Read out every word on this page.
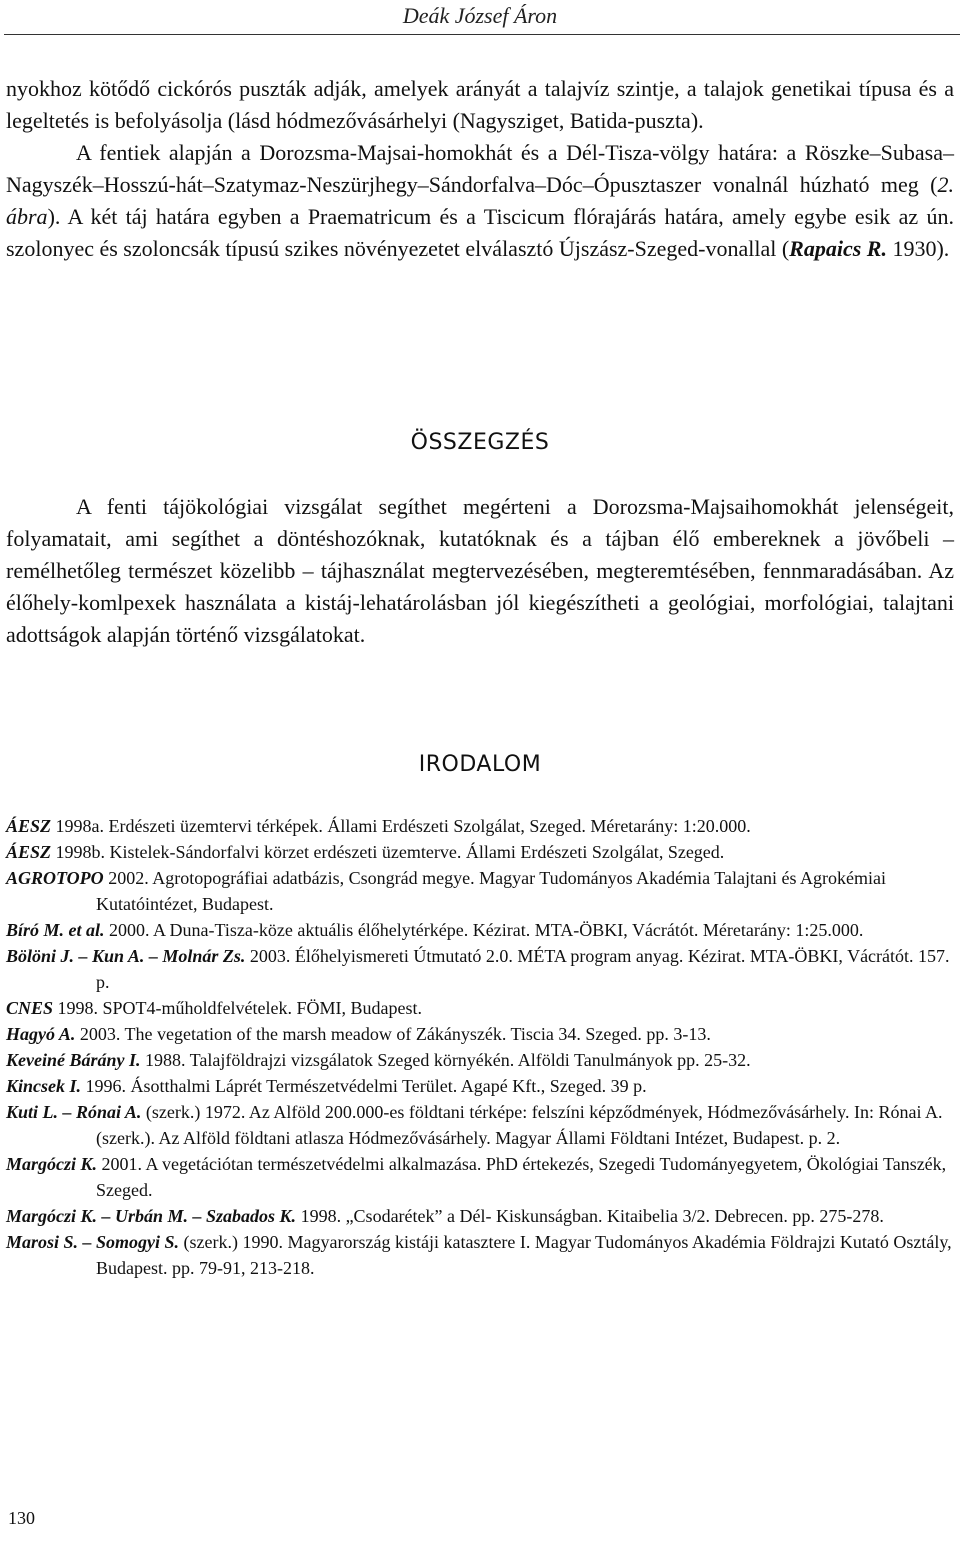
Deák József Áron

nyokhoz kötődő cickórós puszták adják, amelyek arányát a talajvíz szintje, a talajok genetikai típusa és a legeltetés is befolyásolja (lásd hódmezővásárhelyi (Nagysziget, Batida-puszta).
A fentiek alapján a Dorozsma-Majsai-homokhát és a Dél-Tisza-völgy határa: a Röszke–Subasa–Nagyszék–Hosszú-hát–Szatymaz-Neszürjhegy–Sándorfalva–Dóc–Ópusztaszer vonalnál húzható meg (2. ábra). A két táj határa egyben a Praematricum és a Tiscicum flórajárás határa, amely egybe esik az ún. szolonyec és szoloncsák típusú szikes növényezetet elválasztó Újszász-Szeged-vonallal (Rapaics R. 1930).

ÖSSZEGZÉS

A fenti tájökológiai vizsgálat segíthet megérteni a Dorozsma-Majsaihomokhát jelenségeit, folyamatait, ami segíthet a döntéshozóknak, kutatóknak és a tájban élő embereknek a jövőbeli – remélhetőleg természet közelibb – tájhasználat megtervezésében, megteremtésében, fennmaradásában. Az élőhely-komlpexek használata a kistáj-lehatárolásban jól kiegészítheti a geológiai, morfológiai, talajtani adottságok alapján történő vizsgálatokat.

IRODALOM
ÁESZ 1998a. Erdészeti üzemtervi térképek. Állami Erdészeti Szolgálat, Szeged. Méretarány: 1:20.000.
ÁESZ 1998b. Kistelek-Sándorfalvi körzet erdészeti üzemterve. Állami Erdészeti Szolgálat, Szeged.
AGROTOPO 2002. Agrotopográfiai adatbázis, Csongrád megye. Magyar Tudományos Akadémia Talajtani és Agrokémiai Kutatóintézet, Budapest.
Bíró M. et al. 2000. A Duna-Tisza-köze aktuális élőhelytérképe. Kézirat. MTA-ÖBKI, Vácrátót. Méretarány: 1:25.000.
Bölöni J. – Kun A. – Molnár Zs. 2003. Élőhelyismereti Útmutató 2.0. MÉTA program anyag. Kézirat. MTA-ÖBKI, Vácrátót. 157. p.
CNES 1998. SPOT4-műholdfelvételek. FÖMI, Budapest.
Hagyó A. 2003. The vegetation of the marsh meadow of Zákányszék. Tiscia 34. Szeged. pp. 3-13.
Keveiné Bárány I. 1988. Talajföldrajzi vizsgálatok Szeged környékén. Alföldi Tanulmányok pp. 25-32.
Kincsek I. 1996. Ásotthalmi Láprét Természetvédelmi Terület. Agapé Kft., Szeged. 39 p.
Kuti L. – Rónai A. (szerk.) 1972. Az Alföld 200.000-es földtani térképe: felszíni képződmények, Hódmezővásárhely. In: Rónai A. (szerk.). Az Alföld földtani atlasza Hódmezővásárhely. Magyar Állami Földtani Intézet, Budapest. p. 2.
Margóczi K. 2001. A vegetációtan természetvédelmi alkalmazása. PhD értekezés, Szegedi Tudományegyetem, Ökológiai Tanszék, Szeged.
Margóczi K. – Urbán M. – Szabados K. 1998. „Csodarétek” a Dél- Kiskunságban. Kitaibelia 3/2. Debrecen. pp. 275-278.
Marosi S. – Somogyi S. (szerk.) 1990. Magyarország kistáji katasztere I. Magyar Tudományos Akadémia Földrajzi Kutató Osztály, Budapest. pp. 79-91, 213-218.
130
